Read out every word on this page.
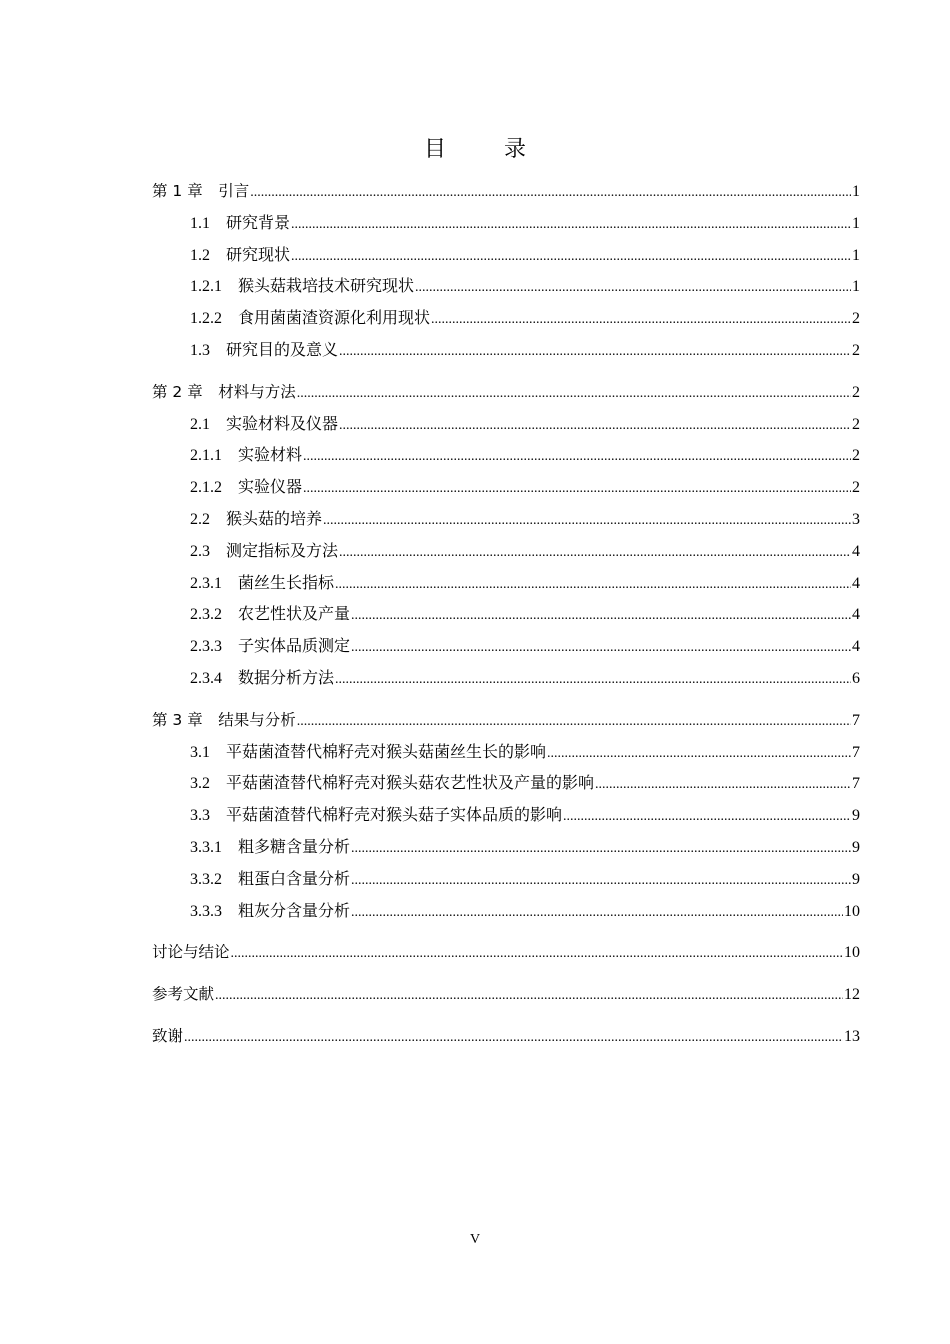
目　录
第 1 章　 引言 .....	1
1.1　 研究背景 .....	1
1.2　 研究现状 .....	1
1.2.1　 猴头菇栽培技术研究现状 .....	1
1.2.2　 食用菌菌渣资源化利用现状 .....	2
1.3　 研究目的及意义 .....	2
第 2 章　 材料与方法 .....	2
2.1　 实验材料及仪器 .....	2
2.1.1　 实验材料 .....	2
2.1.2　 实验仪器 .....	2
2.2　 猴头菇的培养 .....	3
2.3　 测定指标及方法 .....	4
2.3.1　 菌丝生长指标 .....	4
2.3.2　 农艺性状及产量 .....	4
2.3.3　 子实体品质测定 .....	4
2.3.4　 数据分析方法 .....	6
第 3 章　 结果与分析 .....	7
3.1　 平菇菌渣替代棉籽壳对猴头菇菌丝生长的影响 .....	7
3.2　 平菇菌渣替代棉籽壳对猴头菇农艺性状及产量的影响 .....	7
3.3　 平菇菌渣替代棉籽壳对猴头菇子实体品质的影响 .....	9
3.3.1　 粗多糖含量分析 .....	9
3.3.2　 粗蛋白含量分析 .....	9
3.3.3　 粗灰分含量分析 .....	10
讨论与结论 .....	10
参考文献 .....	12
致谢 .....	13
V
